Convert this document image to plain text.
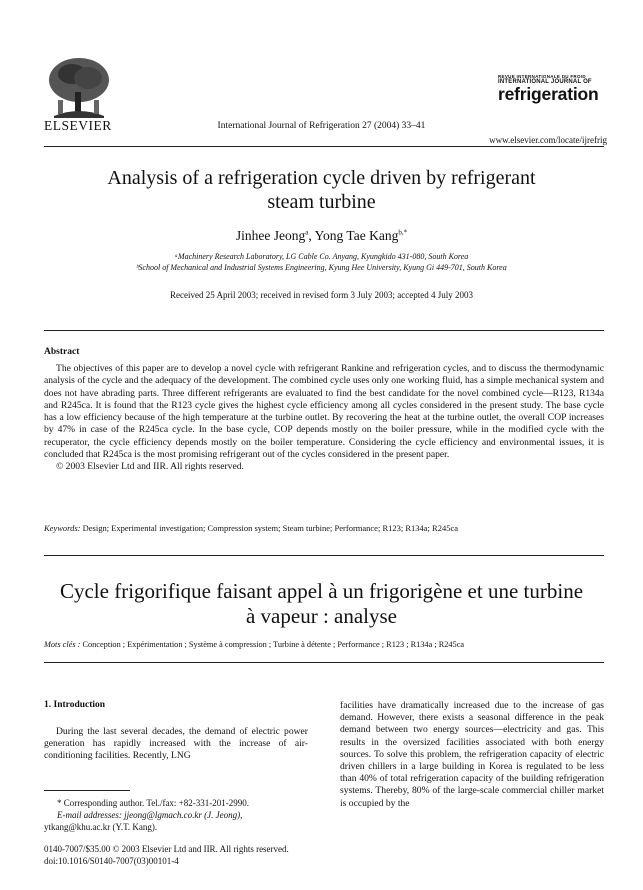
ELSEVIER	International Journal of Refrigeration 27 (2004) 33–41
REVUE INTERNATIONALE DU FROID
INTERNATIONAL JOURNAL OF
refrigeration
www.elsevier.com/locate/ijrefrig
Analysis of a refrigeration cycle driven by refrigerant
steam turbine
Jinhee Jeong$^a$, Yong Tae Kang$^{b,*}$
ᵃMachinery Research Laboratory, LG Cable Co. Anyang, Kyungkido 431-080, South Korea
ᵇSchool of Mechanical and Industrial Systems Engineering, Kyung Hee University, Kyung Gi 449-701, South Korea
Received 25 April 2003; received in revised form 3 July 2003; accepted 4 July 2003
Abstract

The objectives of this paper are to develop a novel cycle with refrigerant Rankine and refrigeration cycles, and to discuss the thermodynamic analysis of the cycle and the adequacy of the development. The combined cycle uses only one working fluid, has a simple mechanical system and does not have abrading parts. Three different refrigerants are evaluated to find the best candidate for the novel combined cycle—R123, R134a and R245ca. It is found that the R123 cycle gives the highest cycle efficiency among all cycles considered in the present study. The base cycle has a low efficiency because of the high temperature at the turbine outlet. By recovering the heat at the turbine outlet, the overall COP increases by 47% in case of the R245ca cycle. In the base cycle, COP depends mostly on the boiler pressure, while in the modified cycle with the recuperator, the cycle efficiency depends mostly on the boiler temperature. Considering the cycle efficiency and environmental issues, it is concluded that R245ca is the most promising refrigerant out of the cycles considered in the present paper.

© 2003 Elsevier Ltd and IIR. All rights reserved.

Keywords: Design; Experimental investigation; Compression system; Steam turbine; Performance; R123; R134a; R245ca
Cycle frigorifique faisant appel à un frigorigène et une turbine
à vapeur : analyse
Mots clés : Conception ; Expérimentation ; Système à compression ; Turbine à détente ; Performance ; R123 ; R134a ; R245ca
1. Introduction
During the last several decades, the demand of electric power generation has rapidly increased with the increase of air-conditioning facilities. Recently, LNG
facilities have dramatically increased due to the increase of gas demand. However, there exists a seasonal difference in the peak demand between two energy sources—electricity and gas. This results in the oversized facilities associated with both energy sources. To solve this problem, the refrigeration capacity of electric driven chillers in a large building in Korea is regulated to be less than 40% of total refrigeration capacity of the building refrigeration systems. Thereby, 80% of the large-scale commercial chiller market is occupied by the
* Corresponding author. Tel./fax: +82-331-201-2990.
E-mail addresses: jjeong@lgmach.co.kr (J. Jeong),
ytkang@khu.ac.kr (Y.T. Kang).
0140-7007/$35.00 © 2003 Elsevier Ltd and IIR. All rights reserved.
doi:10.1016/S0140-7007(03)00101-4
